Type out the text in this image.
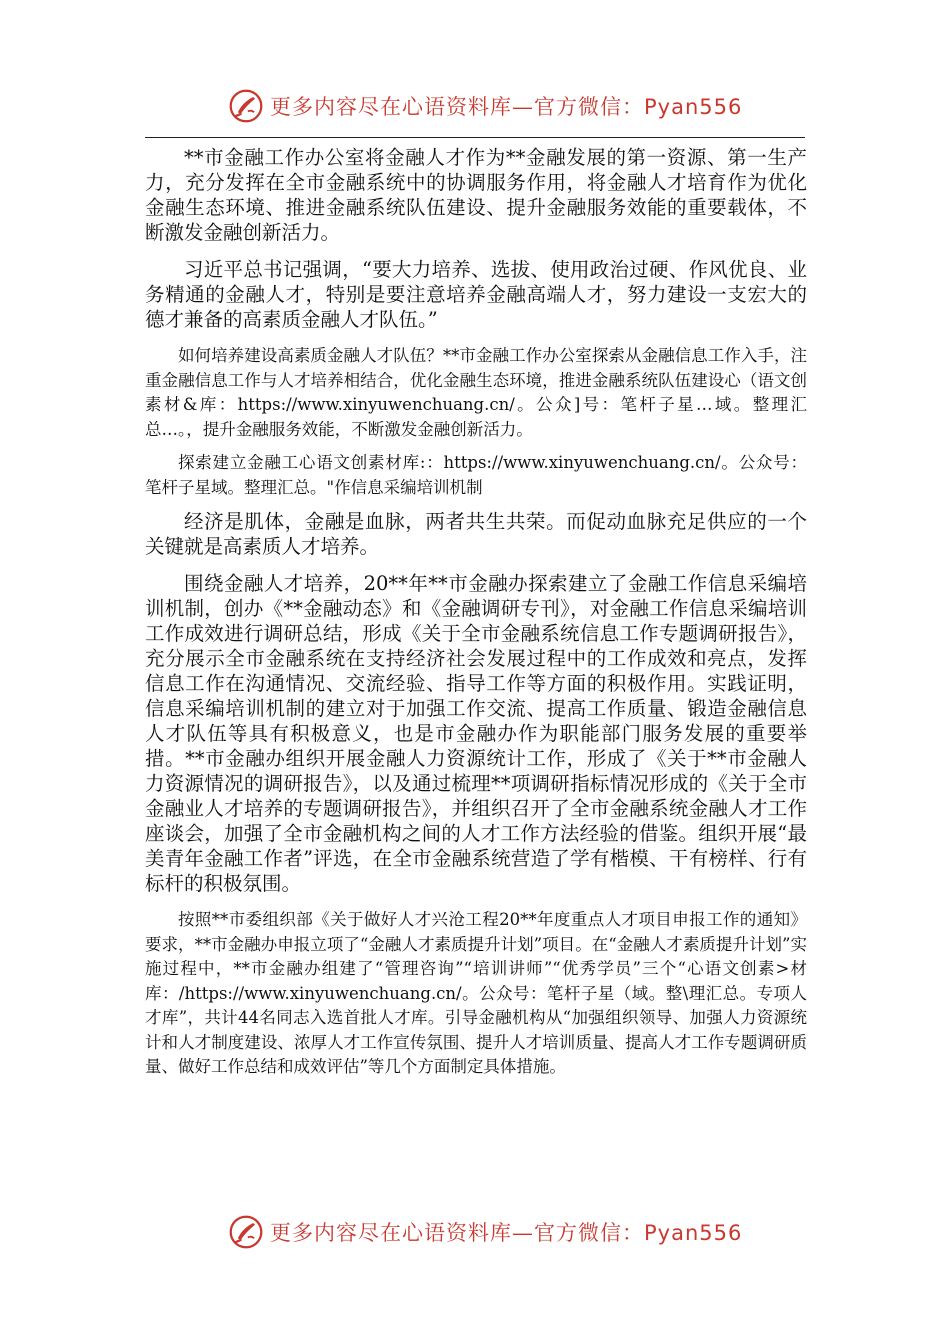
更多内容尽在心语资料库—官方微信：Pyan556

**市金融工作办公室将金融人才作为**金融发展的第一资源、第一生产力，充分发挥在全市金融系统中的协调服务作用，将金融人才培育作为优化金融生态环境、推进金融系统队伍建设、提升金融服务效能的重要载体，不断激发金融创新活力。

习近平总书记强调，“要大力培养、选拔、使用政治过硬、作风优良、业务精通的金融人才，特别是要注意培养金融高端人才，努力建设一支宏大的德才兼备的高素质金融人才队伍。”

如何培养建设高素质金融人才队伍？**市金融工作办公室探索从金融信息工作入手，注重金融信息工作与人才培养相结合，优化金融生态环境，推进金融系统队伍建设心（语文创素材&库：https://www.xinyuwenchuang.cn/。公众]号：笔杆子星…域。整理汇总…。，提升金融服务效能，不断激发金融创新活力。

探索建立金融工心语文创素材库:：https://www.xinyuwenchuang.cn/。公众号：笔杆子星域。整理汇总。"作信息采编培训机制

经济是肌体，金融是血脉，两者共生共荣。而促动血脉充足供应的一个关键就是高素质人才培养。

围绕金融人才培养，20**年**市金融办探索建立了金融工作信息采编培训机制，创办《**金融动态》和《金融调研专刊》，对金融工作信息采编培训工作成效进行调研总结，形成《关于全市金融系统信息工作专题调研报告》，充分展示全市金融系统在支持经济社会发展过程中的工作成效和亮点，发挥信息工作在沟通情况、交流经验、指导工作等方面的积极作用。实践证明，信息采编培训机制的建立对于加强工作交流、提高工作质量、锻造金融信息人才队伍等具有积极意义，也是市金融办作为职能部门服务发展的重要举措。**市金融办组织开展金融人力资源统计工作，形成了《关于**市金融人力资源情况的调研报告》，以及通过梳理**项调研指标情况形成的《关于全市金融业人才培养的专题调研报告》，并组织召开了全市金融系统金融人才工作座谈会，加强了全市金融机构之间的人才工作方法经验的借鉴。组织开展“最美青年金融工作者”评选，在全市金融系统营造了学有楷模、干有榜样、行有标杆的积极氛围。

按照**市委组织部《关于做好人才兴沧工程20**年度重点人才项目申报工作的通知》要求，**市金融办申报立项了“金融人才素质提升计划”项目。在“金融人才素质提升计划”实施过程中，**市金融办组建了“管理咨询”“培训讲师”“优秀学员”三个“心语文创素>材库：/https://www.xinyuwenchuang.cn/。公众号：笔杆子星（域。整\理汇总。专项人才库”，共计44名同志入选首批人才库。引导金融机构从“加强组织领导、加强人力资源统计和人才制度建设、浓厚人才工作宣传氛围、提升人才培训质量、提高人才工作专题调研质量、做好工作总结和成效评估”等几个方面制定具体措施。

更多内容尽在心语资料库—官方微信：Pyan556
